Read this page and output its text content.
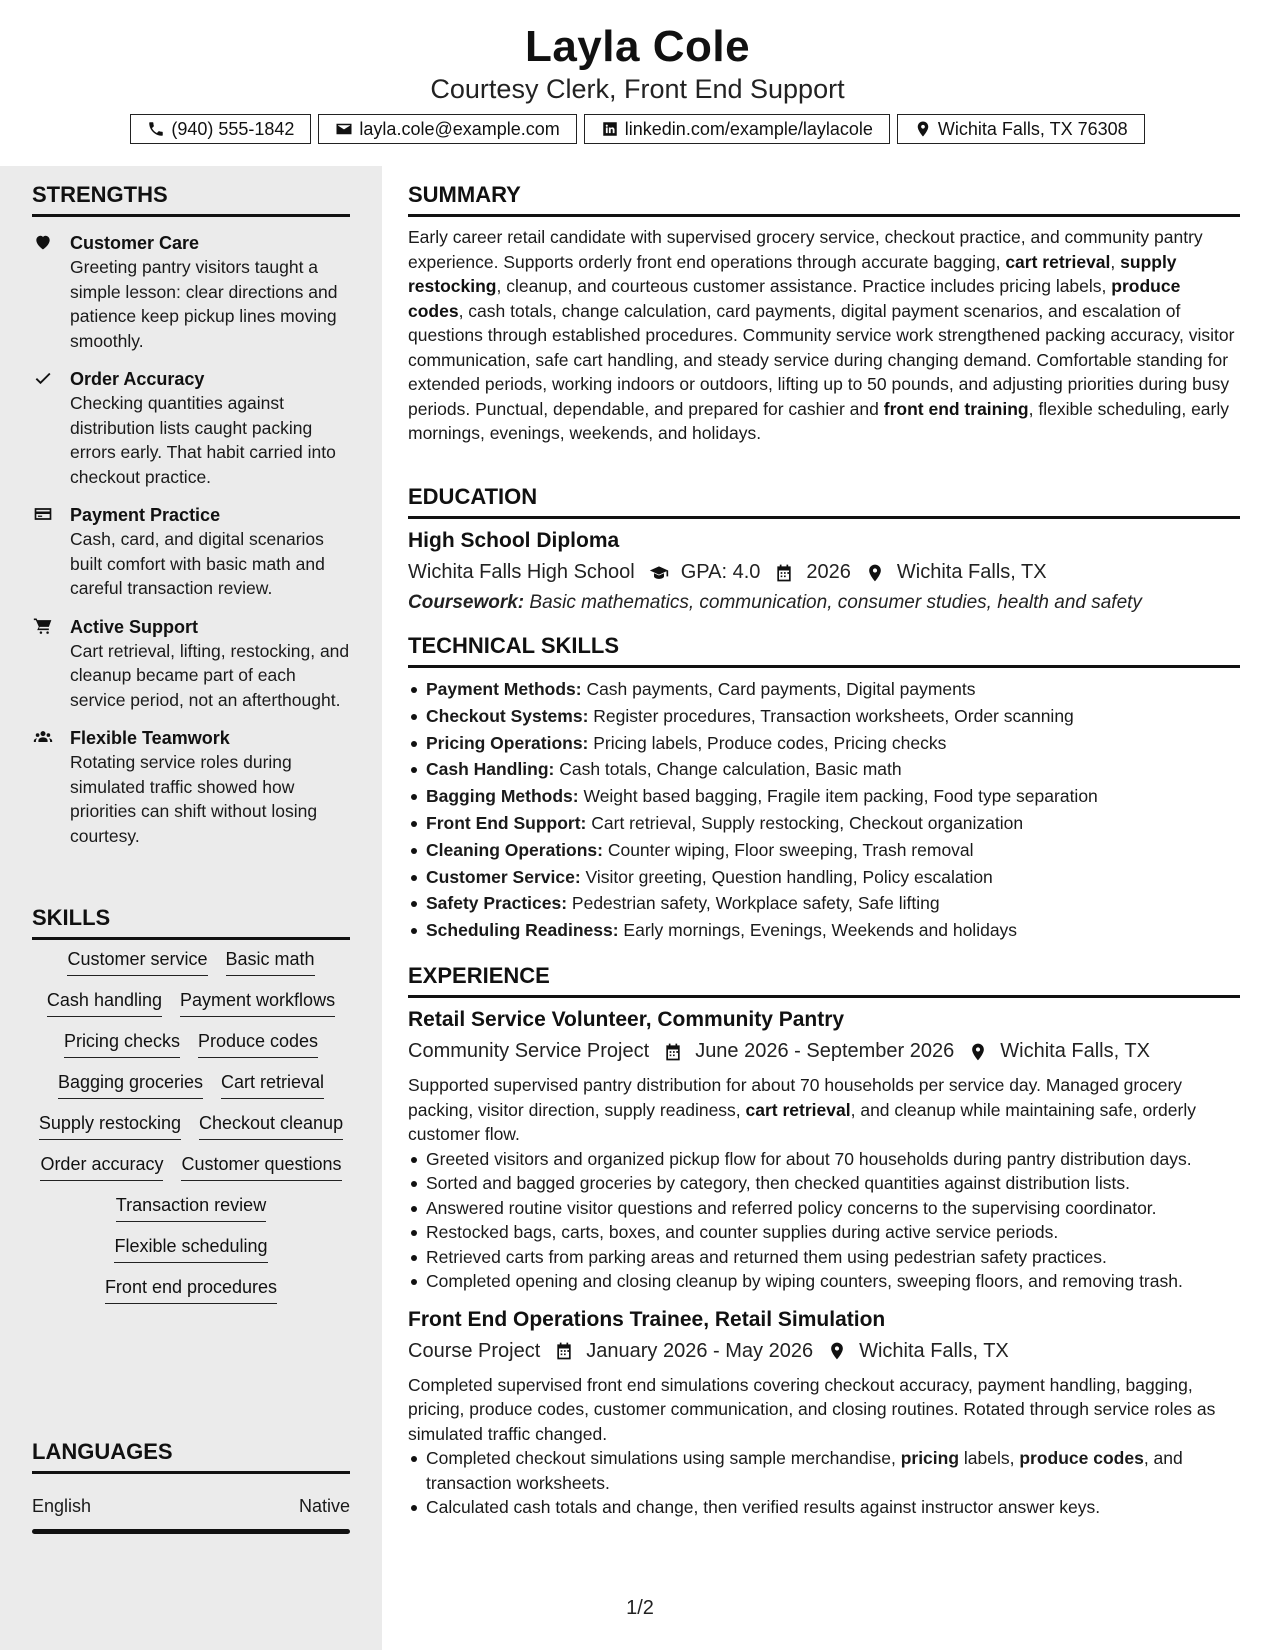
Layla Cole
Courtesy Clerk, Front End Support
(940) 555-1842	layla.cole@example.com	linkedin.com/example/laylacole	Wichita Falls, TX 76308
STRENGTHS
Customer Care
Greeting pantry visitors taught a simple lesson: clear directions and patience keep pickup lines moving smoothly.
Order Accuracy
Checking quantities against distribution lists caught packing errors early. That habit carried into checkout practice.
Payment Practice
Cash, card, and digital scenarios built comfort with basic math and careful transaction review.
Active Support
Cart retrieval, lifting, restocking, and cleanup became part of each service period, not an afterthought.
Flexible Teamwork
Rotating service roles during simulated traffic showed how priorities can shift without losing courtesy.
SKILLS
Customer service Basic math
Cash handling Payment workflows
Pricing checks Produce codes
Bagging groceries Cart retrieval
Supply restocking Checkout cleanup
Order accuracy Customer questions
Transaction review
Flexible scheduling
Front end procedures
LANGUAGES
English	Native
SUMMARY
Early career retail candidate with supervised grocery service, checkout practice, and community pantry experience. Supports orderly front end operations through accurate bagging, cart retrieval, supply restocking, cleanup, and courteous customer assistance. Practice includes pricing labels, produce codes, cash totals, change calculation, card payments, digital payment scenarios, and escalation of questions through established procedures. Community service work strengthened packing accuracy, visitor communication, safe cart handling, and steady service during changing demand. Comfortable standing for extended periods, working indoors or outdoors, lifting up to 50 pounds, and adjusting priorities during busy periods. Punctual, dependable, and prepared for cashier and front end training, flexible scheduling, early mornings, evenings, weekends, and holidays.
EDUCATION
High School Diploma
Wichita Falls High School GPA: 4.0 2026 Wichita Falls, TX
Coursework: Basic mathematics, communication, consumer studies, health and safety
TECHNICAL SKILLS
Payment Methods: Cash payments, Card payments, Digital payments
Checkout Systems: Register procedures, Transaction worksheets, Order scanning
Pricing Operations: Pricing labels, Produce codes, Pricing checks
Cash Handling: Cash totals, Change calculation, Basic math
Bagging Methods: Weight based bagging, Fragile item packing, Food type separation
Front End Support: Cart retrieval, Supply restocking, Checkout organization
Cleaning Operations: Counter wiping, Floor sweeping, Trash removal
Customer Service: Visitor greeting, Question handling, Policy escalation
Safety Practices: Pedestrian safety, Workplace safety, Safe lifting
Scheduling Readiness: Early mornings, Evenings, Weekends and holidays
EXPERIENCE
Retail Service Volunteer, Community Pantry
Community Service Project June 2026 - September 2026 Wichita Falls, TX
Supported supervised pantry distribution for about 70 households per service day. Managed grocery packing, visitor direction, supply readiness, cart retrieval, and cleanup while maintaining safe, orderly customer flow.
Greeted visitors and organized pickup flow for about 70 households during pantry distribution days.
Sorted and bagged groceries by category, then checked quantities against distribution lists.
Answered routine visitor questions and referred policy concerns to the supervising coordinator.
Restocked bags, carts, boxes, and counter supplies during active service periods.
Retrieved carts from parking areas and returned them using pedestrian safety practices.
Completed opening and closing cleanup by wiping counters, sweeping floors, and removing trash.
Front End Operations Trainee, Retail Simulation
Course Project January 2026 - May 2026 Wichita Falls, TX
Completed supervised front end simulations covering checkout accuracy, payment handling, bagging, pricing, produce codes, customer communication, and closing routines. Rotated through service roles as simulated traffic changed.
Completed checkout simulations using sample merchandise, pricing labels, produce codes, and transaction worksheets.
Calculated cash totals and change, then verified results against instructor answer keys.
1/2
